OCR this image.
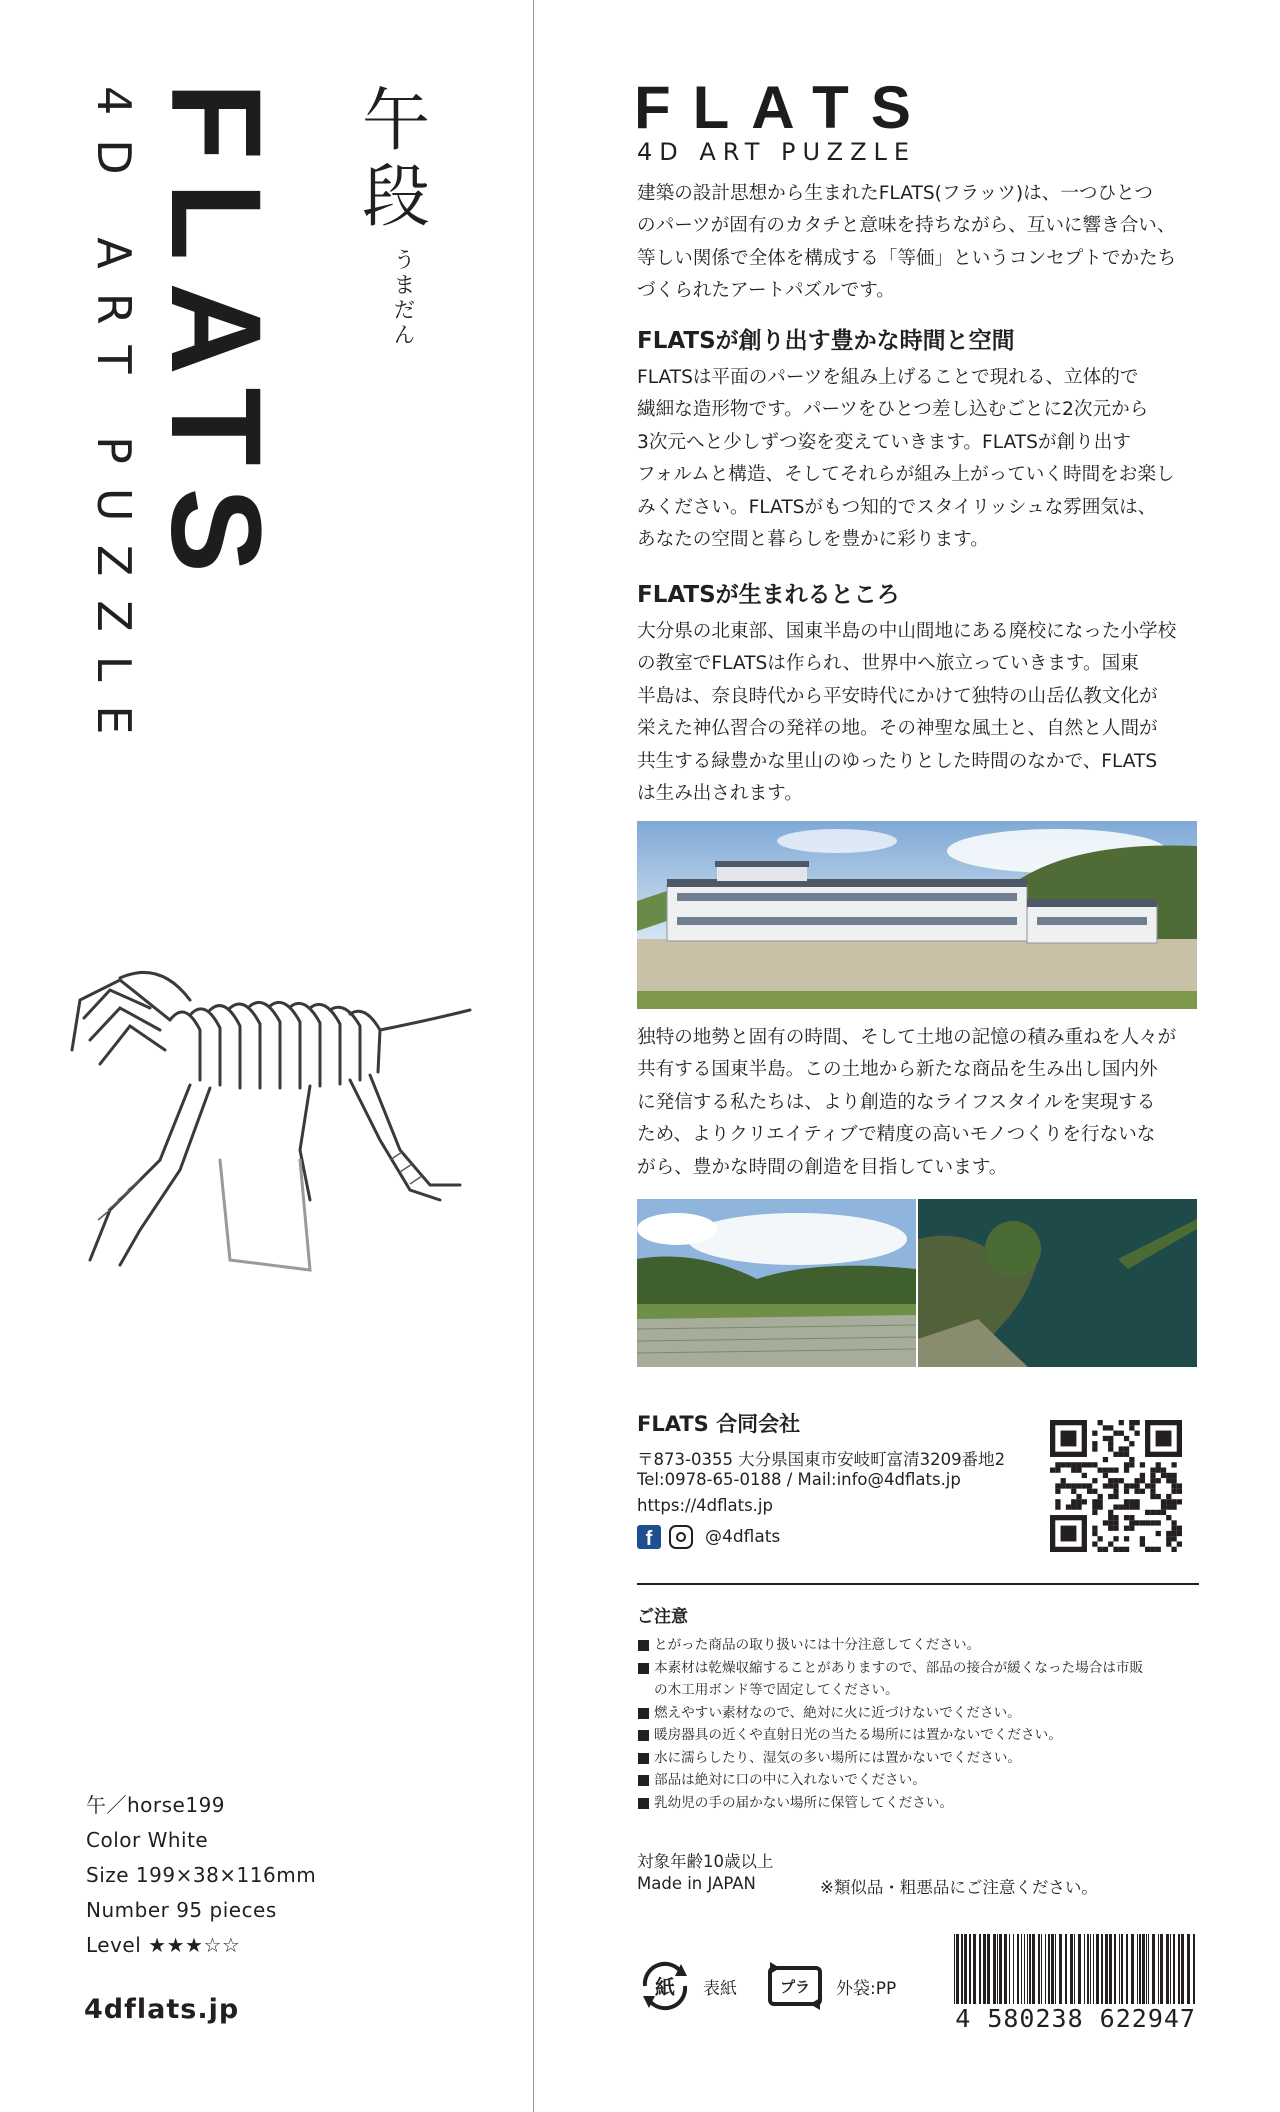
FLATS
4D ART PUZZLE	午段
うまだん
午／horse199
Color White
Size 199×38×116mm
Number 95 pieces
Level ★★★☆☆
4dflats.jp
FLATS
4D ART PUZZLE
建築の設計思想から生まれたFLATS(フラッツ)は、一つひとつ
のパーツが固有のカタチと意味を持ちながら、互いに響き合い、
等しい関係で全体を構成する「等価」というコンセプトでかたち
づくられたアートパズルです。
FLATSが創り出す豊かな時間と空間
FLATSは平面のパーツを組み上げることで現れる、立体的で
繊細な造形物です。パーツをひとつ差し込むごとに2次元から
3次元へと少しずつ姿を変えていきます。FLATSが創り出す
フォルムと構造、そしてそれらが組み上がっていく時間をお楽し
みください。FLATSがもつ知的でスタイリッシュな雰囲気は、
あなたの空間と暮らしを豊かに彩ります。
FLATSが生まれるところ
大分県の北東部、国東半島の中山間地にある廃校になった小学校
の教室でFLATSは作られ、世界中へ旅立っていきます。国東
半島は、奈良時代から平安時代にかけて独特の山岳仏教文化が
栄えた神仏習合の発祥の地。その神聖な風土と、自然と人間が
共生する緑豊かな里山のゆったりとした時間のなかで、FLATS
は生み出されます。
独特の地勢と固有の時間、そして土地の記憶の積み重ねを人々が
共有する国東半島。この土地から新たな商品を生み出し国内外
に発信する私たちは、より創造的なライフスタイルを実現する
ため、よりクリエイティブで精度の高いモノつくりを行ないな
がら、豊かな時間の創造を目指しています。
FLATS 合同会社
〒873-0355 大分県国東市安岐町富清3209番地2
Tel:0978-65-0188 / Mail:info@4dflats.jp
https://4dflats.jp
f	@4dflats
ご注意
とがった商品の取り扱いには十分注意してください。
本素材は乾燥収縮することがありますので、部品の接合が緩くなった場合は市販
の木工用ボンド等で固定してください。
燃えやすい素材なので、絶対に火に近づけないでください。
暖房器具の近くや直射日光の当たる場所には置かないでください。
水に濡らしたり、湿気の多い場所には置かないでください。
部品は絶対に口の中に入れないでください。
乳幼児の手の届かない場所に保管してください。
対象年齢10歳以上
Made in JAPAN	※類似品・粗悪品にご注意ください。
紙 表紙	プラ 外袋:PP
4 580238 622947
